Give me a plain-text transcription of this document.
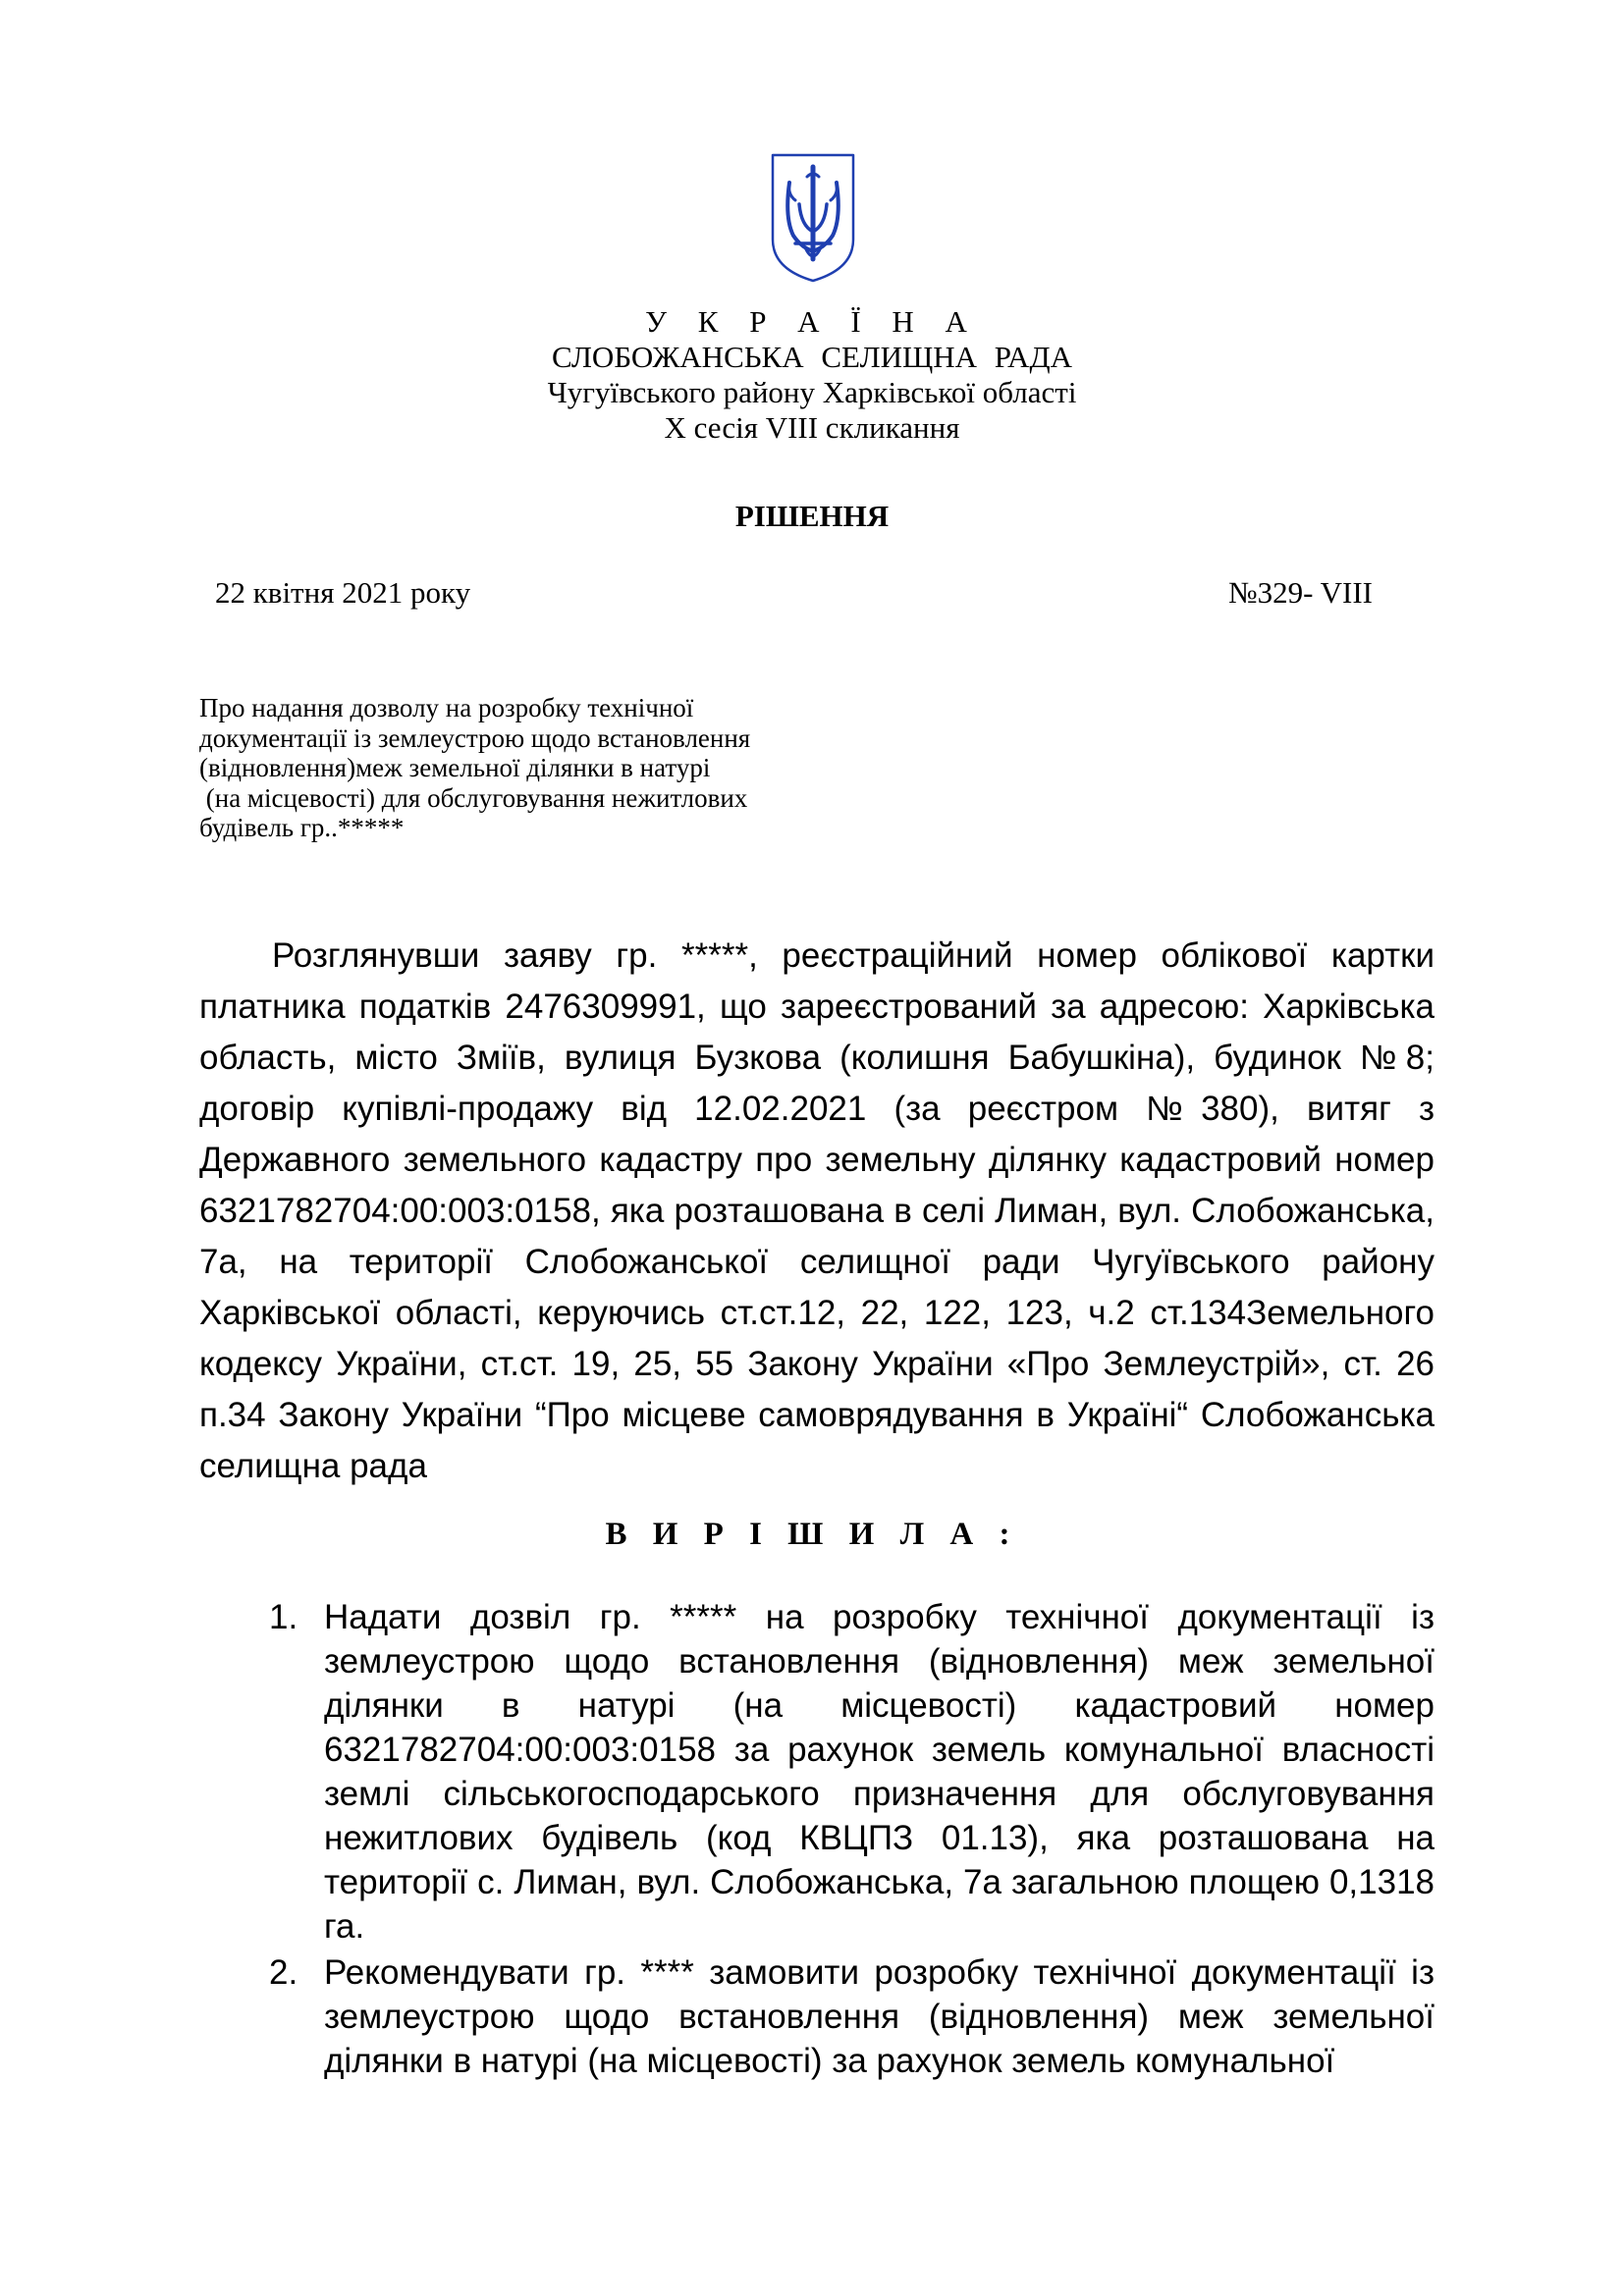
У К Р А Ї Н А
СЛОБОЖАНСЬКА СЕЛИЩНА РАДА
Чугуївського району Харківської області
Х сесія VIII скликання
РІШЕННЯ
22 квітня 2021 року	№329- VIII
Про надання дозволу на розробку технічної
документації із землеустрою щодо встановлення
(відновлення)меж земельної ділянки в натурі
(на місцевості) для обслуговування нежитлових
будівель гр..*****
Розглянувши заяву гр. *****, реєстраційний номер облікової картки платника податків 2476309991, що зареєстрований за адресою: Харківська область, місто Зміїв, вулиця Бузкова (колишня Бабушкіна), будинок №8; договір купівлі-продажу від 12.02.2021 (за реєстром №380), витяг з Державного земельного кадастру про земельну ділянку кадастровий номер 6321782704:00:003:0158, яка розташована в селі Лиман, вул. Слобожанська, 7а, на території Слобожанської селищної ради Чугуївського району Харківської області, керуючись ст.ст.12, 22, 122, 123, ч.2 ст.134Земельного кодексу України, ст.ст. 19, 25, 55 Закону України «Про Землеустрій», ст. 26 п.34 Закону України “Про місцеве самоврядування в Україні“ Слобожанська селищна рада
В И Р І Ш И Л А :
1. Надати дозвіл гр. ***** на розробку технічної документації із землеустрою щодо встановлення (відновлення) меж земельної ділянки в натурі (на місцевості) кадастровий номер 6321782704:00:003:0158 за рахунок земель комунальної власності землі сільськогосподарського призначення для обслуговування нежитлових будівель (код КВЦПЗ 01.13), яка розташована на території с. Лиман, вул. Слобожанська, 7а загальною площею 0,1318 га.
2. Рекомендувати гр. **** замовити розробку технічної документації із землеустрою щодо встановлення (відновлення) меж земельної ділянки в натурі (на місцевості) за рахунок земель комунальної
